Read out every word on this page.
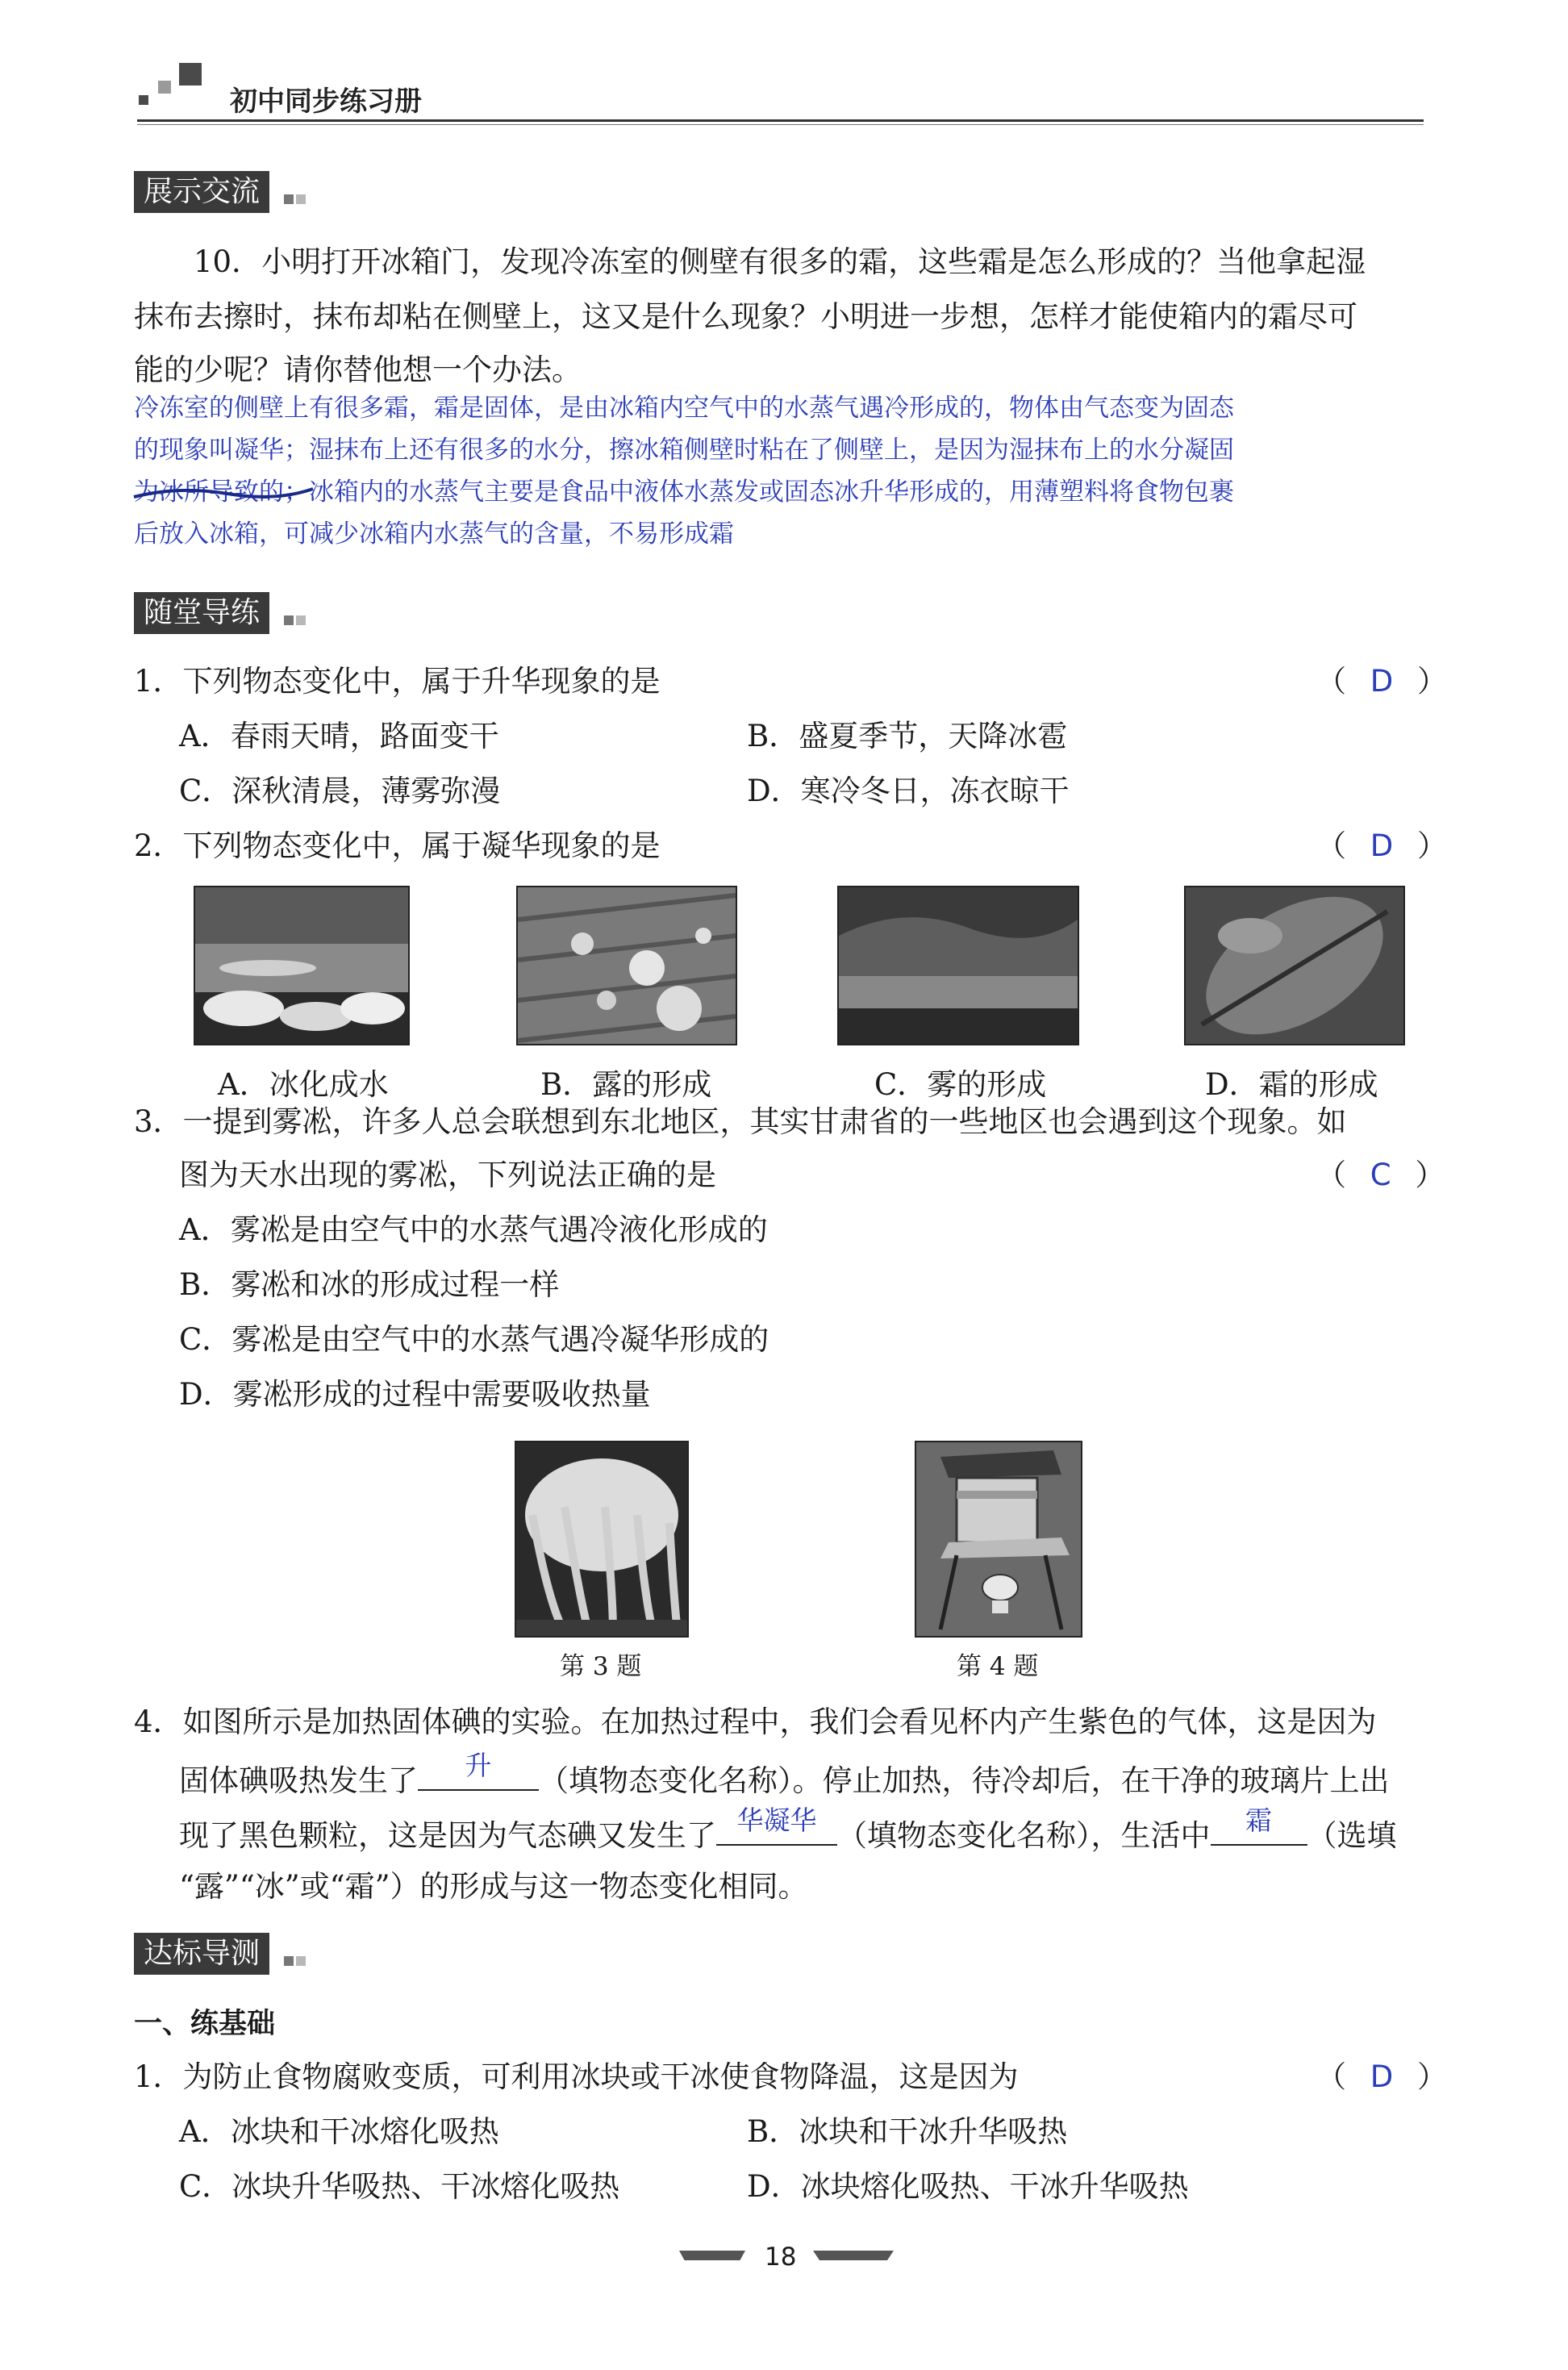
初中同步练习册
展示交流
10．小明打开冰箱门，发现冷冻室的侧壁有很多的霜，这些霜是怎么形成的？当他拿起湿
抹布去擦时，抹布却粘在侧壁上，这又是什么现象？小明进一步想，怎样才能使箱内的霜尽可
能的少呢？请你替他想一个办法。
冷冻室的侧壁上有很多霜，霜是固体，是由冰箱内空气中的水蒸气遇冷形成的，物体由气态变为固态
的现象叫凝华；湿抹布上还有很多的水分，擦冰箱侧壁时粘在了侧壁上，是因为湿抹布上的水分凝固
为冰所导致的；冰箱内的水蒸气主要是食品中液体水蒸发或固态冰升华形成的，用薄塑料将食物包裹
后放入冰箱，可减少冰箱内水蒸气的含量，不易形成霜
随堂导练
1．下列物态变化中，属于升华现象的是	（ D ）
A．春雨天晴，路面变干	B．盛夏季节，天降冰雹
C．深秋清晨，薄雾弥漫	D．寒冷冬日，冻衣晾干
2．下列物态变化中，属于凝华现象的是	（ D ）
A．冰化成水	B．露的形成	C．雾的形成	D．霜的形成
3．一提到雾凇，许多人总会联想到东北地区，其实甘肃省的一些地区也会遇到这个现象。如
图为天水出现的雾凇，下列说法正确的是	（ C ）
A．雾凇是由空气中的水蒸气遇冷液化形成的
B．雾凇和冰的形成过程一样
C．雾凇是由空气中的水蒸气遇冷凝华形成的
D．雾凇形成的过程中需要吸收热量
第 3 题	第 4 题
4．如图所示是加热固体碘的实验。在加热过程中，我们会看见杯内产生紫色的气体，这是因为
固体碘吸热发生了	升	（填物态变化名称）。停止加热，待冷却后，在干净的玻璃片上出
现了黑色颗粒，这是因为气态碘又发生了 华凝华 （填物态变化名称），生活中	霜	（选填
“露”“冰”或“霜”）的形成与这一物态变化相同。
达标导测
一、练基础
1．为防止食物腐败变质，可利用冰块或干冰使食物降温，这是因为	（ D ）
A．冰块和干冰熔化吸热	B．冰块和干冰升华吸热
C．冰块升华吸热、干冰熔化吸热	D．冰块熔化吸热、干冰升华吸热
18
